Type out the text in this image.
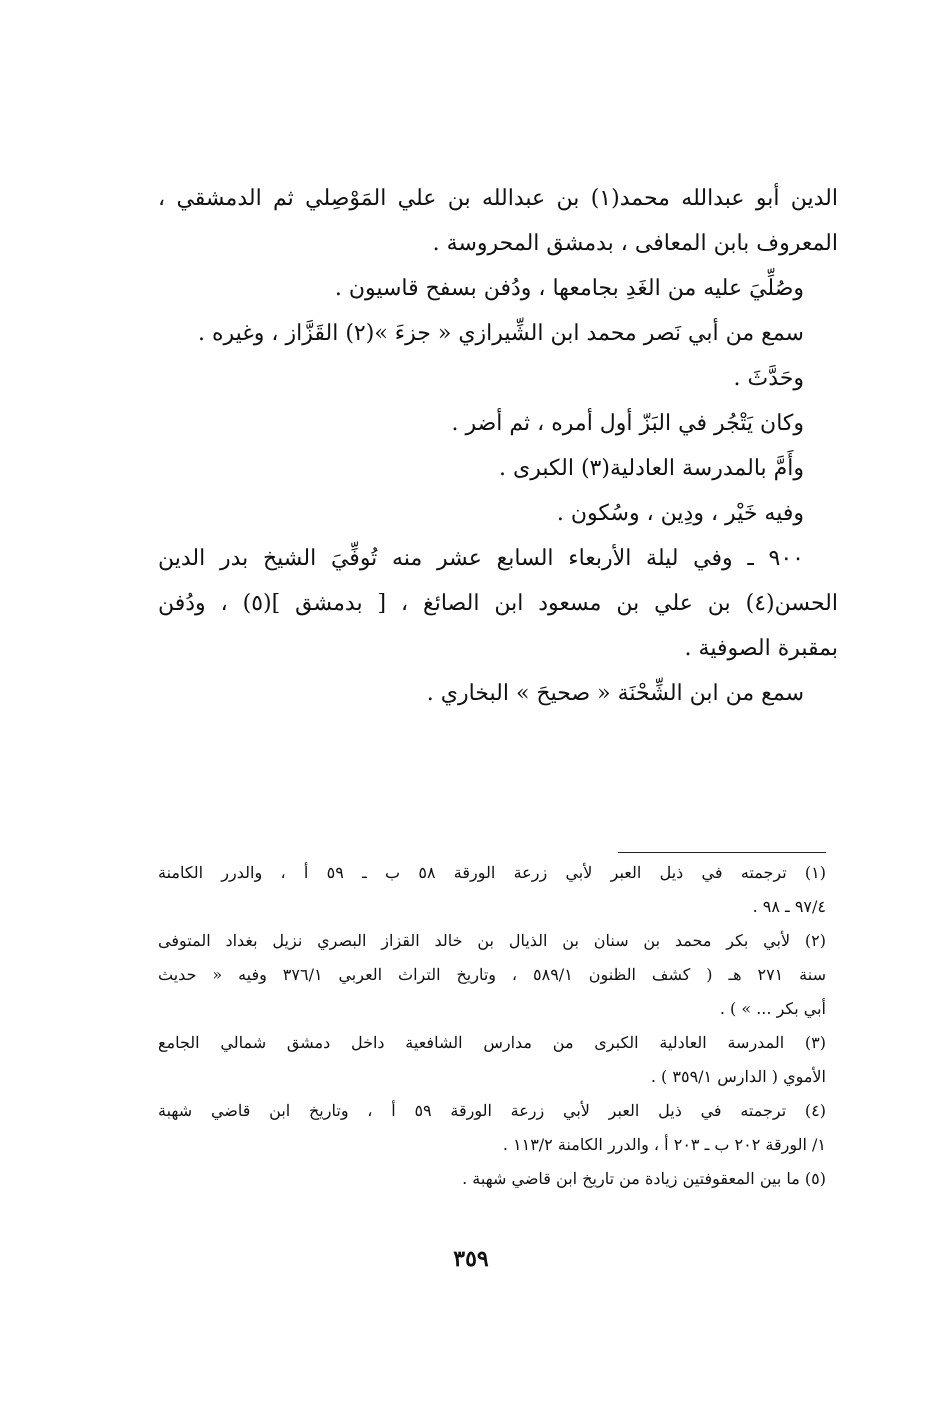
الدين أبو عبدالله محمد(١) بن عبدالله بن علي المَوْصِلي ثم الدمشقي ،

المعروف بابن المعافى ، بدمشق المحروسة .

وصُلِّيَ عليه من الغَدِ بجامعها ، ودُفن بسفح قاسيون .

سمع من أبي نَصر محمد ابن الشِّيرازي « جزءَ »(٢) القَزَّاز ، وغيره .

وحَدَّثَ .

وكان يَتْجُر في البَزّ أول أمره ، ثم أضر .

وأَمَّ بالمدرسة العادلية(٣) الكبرى .

وفيه خَيْر ، ودِين ، وسُكون .

٩٠٠ ـ وفي ليلة الأربعاء السابع عشر منه تُوفِّيَ الشيخ بدر الدين

الحسن(٤) بن علي بن مسعود ابن الصائغ ، [ بدمشق ](٥) ، ودُفن

بمقبرة الصوفية .

سمع من ابن الشِّحْنَة « صحيحَ » البخاري .

(١) ترجمته في ذيل العبر لأبي زرعة الورقة ٥٨ ب ـ ٥٩ أ ، والدرر الكامنة

٩٧/٤ ـ ٩٨ .

(٢) لأبي بكر محمد بن سنان بن الذيال بن خالد القزاز البصري نزيل بغداد المتوفى

سنة ٢٧١ هـ ( كشف الظنون ٥٨٩/١ ، وتاريخ التراث العربي ٣٧٦/١ وفيه « حديث

أبي بكر ... » ) .

(٣) المدرسة العادلية الكبرى من مدارس الشافعية داخل دمشق شمالي الجامع

الأموي ( الدارس ٣٥٩/١ ) .

(٤) ترجمته في ذيل العبر لأبي زرعة الورقة ٥٩ أ ، وتاريخ ابن قاضي شهبة

١/ الورقة ٢٠٢ ب ـ ٢٠٣ أ ، والدرر الكامنة ١١٣/٢ .

(٥) ما بين المعقوفتين زيادة من تاريخ ابن قاضي شهبة .

٣٥٩
